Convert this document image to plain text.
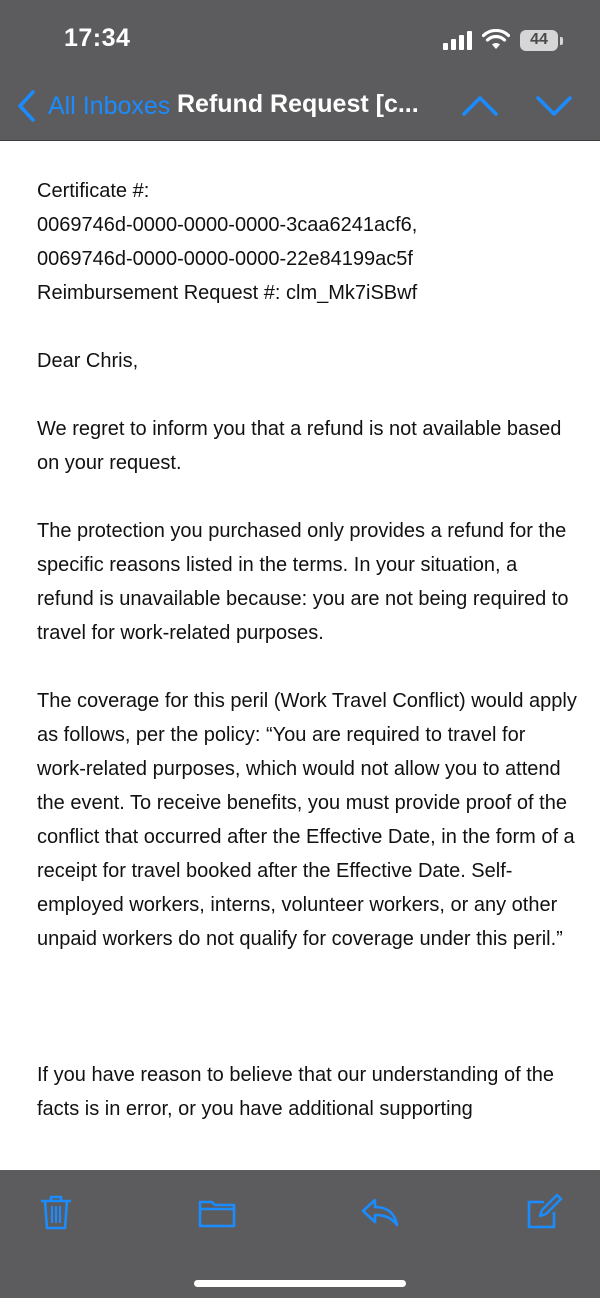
17:34	44
All Inboxes Refund Request [c...

Certificate #:
0069746d-0000-0000-0000-3caa6241acf6,
0069746d-0000-0000-0000-22e84199ac5f
Reimbursement Request #: clm_Mk7iSBwf

Dear Chris,

We regret to inform you that a refund is not available based on your request.

The protection you purchased only provides a refund for the specific reasons listed in the terms. In your situation, a refund is unavailable because: you are not being required to travel for work-related purposes.

The coverage for this peril (Work Travel Conflict) would apply as follows, per the policy: “You are required to travel for work-related purposes, which would not allow you to attend the event. To receive benefits, you must provide proof of the conflict that occurred after the Effective Date, in the form of a receipt for travel booked after the Effective Date. Self-employed workers, interns, volunteer workers, or any other unpaid workers do not qualify for coverage under this peril.”

If you have reason to believe that our understanding of the facts is in error, or you have additional supporting
